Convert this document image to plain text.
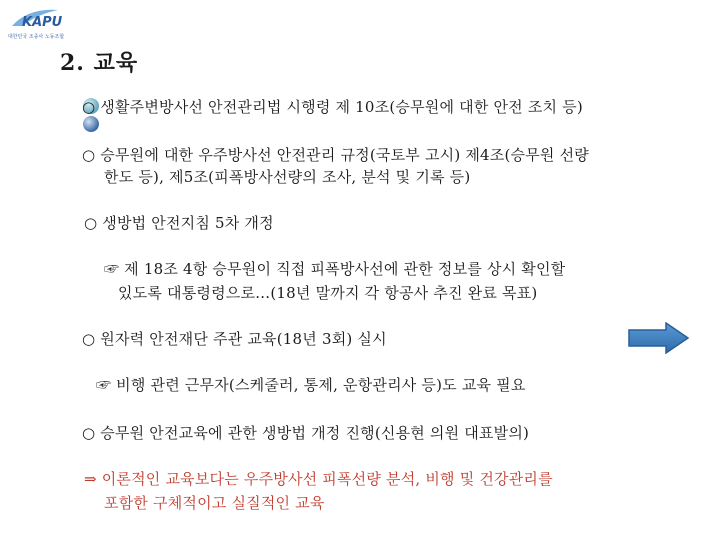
KAPU
대한민국 조종사 노동조합
2. 교육
○ 생활주변방사선 안전관리법 시행령 제 10조(승무원에 대한 안전 조치 등)
○ 승무원에 대한 우주방사선 안전관리 규정(국토부 고시) 제4조(승무원 선량
한도 등), 제5조(피폭방사선량의 조사, 분석 및 기록 등)
○ 생방법 안전지침 5차 개정
☞ 제 18조 4항 승무원이 직접 피폭방사선에 관한 정보를 상시 확인할
있도록 대통령령으로…(18년 말까지 각 항공사 추진 완료 목표)
○ 원자력 안전재단 주관 교육(18년 3회) 실시
☞ 비행 관련 근무자(스케줄러, 통제, 운항관리사 등)도 교육 필요
○ 승무원 안전교육에 관한 생방법 개정 진행(신용현 의원 대표발의)
⇒ 이론적인 교육보다는 우주방사선 피폭선량 분석, 비행 및 건강관리를
포함한 구체적이고 실질적인 교육
